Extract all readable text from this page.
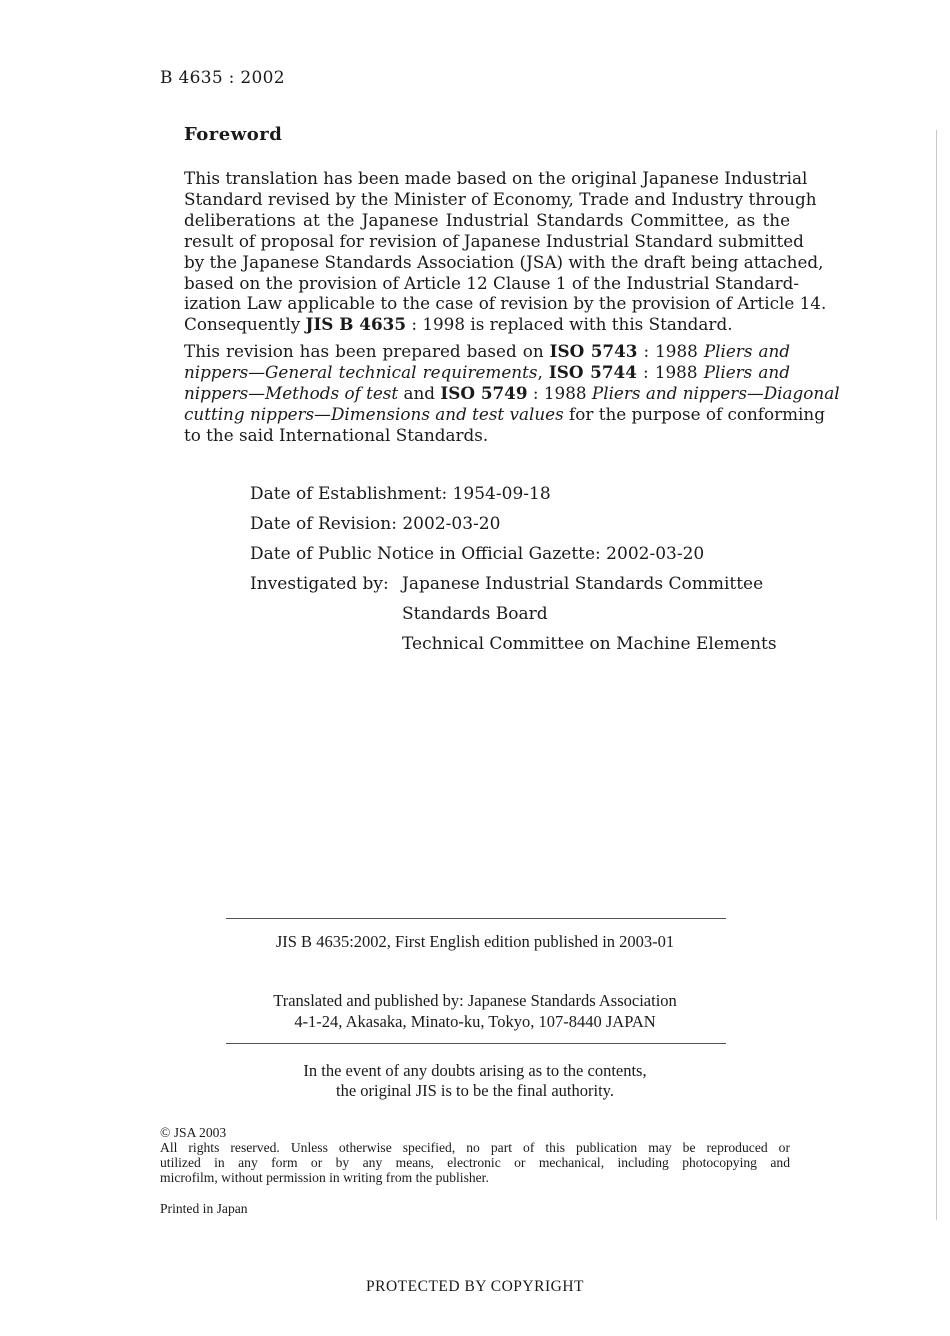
B 4635 : 2002
Foreword
This translation has been made based on the original Japanese Industrial
Standard revised by the Minister of Economy, Trade and Industry through
deliberations at the Japanese Industrial Standards Committee, as the
result of proposal for revision of Japanese Industrial Standard submitted
by the Japanese Standards Association (JSA) with the draft being attached,
based on the provision of Article 12 Clause 1 of the Industrial Standard-
ization Law applicable to the case of revision by the provision of Article 14.
Consequently JIS B 4635 : 1998 is replaced with this Standard.
This revision has been prepared based on ISO 5743 : 1988 Pliers and
nippers—General technical requirements, ISO 5744 : 1988 Pliers and
nippers—Methods of test and ISO 5749 : 1988 Pliers and nippers—Diagonal
cutting nippers—Dimensions and test values for the purpose of conforming
to the said International Standards.
Date of Establishment: 1954-09-18
Date of Revision: 2002-03-20
Date of Public Notice in Official Gazette: 2002-03-20
Investigated by: Japanese Industrial Standards Committee
Standards Board
Technical Committee on Machine Elements
JIS B 4635:2002, First English edition published in 2003-01
Translated and published by: Japanese Standards Association
4-1-24, Akasaka, Minato-ku, Tokyo, 107-8440 JAPAN
In the event of any doubts arising as to the contents,
the original JIS is to be the final authority.
© JSA 2003
All rights reserved. Unless otherwise specified, no part of this publication may be reproduced or
utilized in any form or by any means, electronic or mechanical, including photocopying and
microfilm, without permission in writing from the publisher.
Printed in Japan
PROTECTED BY COPYRIGHT
